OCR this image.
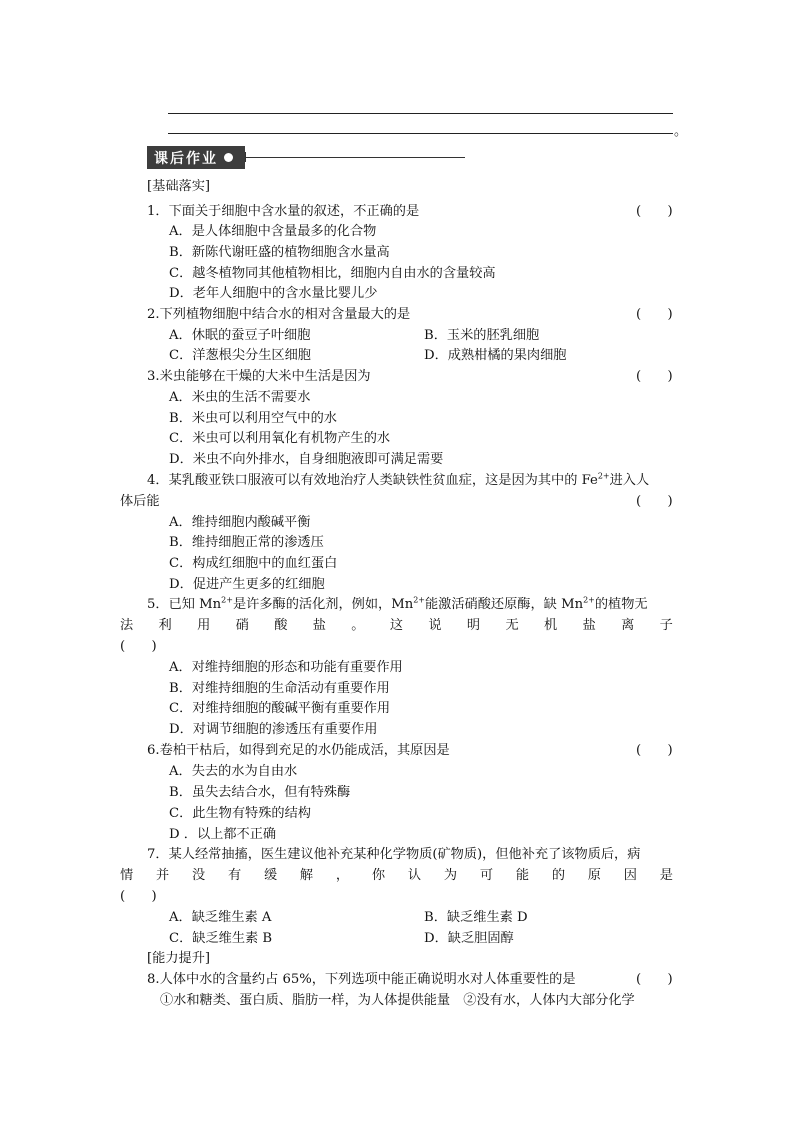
。
课后作业
[基础落实]
1．下面关于细胞中含水量的叙述，不正确的是	(　　)
A．是人体细胞中含量最多的化合物
B．新陈代谢旺盛的植物细胞含水量高
C．越冬植物同其他植物相比，细胞内自由水的含量较高
D．老年人细胞中的含水量比婴儿少
2.下列植物细胞中结合水的相对含量最大的是	(　　)
A．休眠的蚕豆子叶细胞	B．玉米的胚乳细胞
C．洋葱根尖分生区细胞	D．成熟柑橘的果肉细胞
3.米虫能够在干燥的大米中生活是因为	(　　)
A．米虫的生活不需要水
B．米虫可以利用空气中的水
C．米虫可以利用氧化有机物产生的水
D．米虫不向外排水，自身细胞液即可满足需要
4．某乳酸亚铁口服液可以有效地治疗人类缺铁性贫血症，这是因为其中的 $Fe^{2+}$进入人
体后能	(　　)
A．维持细胞内酸碱平衡
B．维持细胞正常的渗透压
C．构成红细胞中的血红蛋白
D．促进产生更多的红细胞
5．已知 $Mn^{2+}$是许多酶的活化剂，例如，$Mn^{2+}$能激活硝酸还原酶，缺 $Mn^{2+}$的植物无
法 利 用 硝 酸 盐 。 这 说 明 无 机 盐 离 子
(　　)
A．对维持细胞的形态和功能有重要作用
B．对维持细胞的生命活动有重要作用
C．对维持细胞的酸碱平衡有重要作用
D．对调节细胞的渗透压有重要作用
6.卷柏干枯后，如得到充足的水仍能成活，其原因是	(　　)
A．失去的水为自由水
B．虽失去结合水，但有特殊酶
C．此生物有特殊的结构
D ．以上都不正确
7．某人经常抽搐，医生建议他补充某种化学物质(矿物质)，但他补充了该物质后，病
情 并 没 有 缓 解 ， 你 认 为 可 能 的 原 因 是
(　　)
A．缺乏维生素 A	B．缺乏维生素 D
C．缺乏维生素 B	D．缺乏胆固醇
[能力提升]
8.人体中水的含量约占 65%，下列选项中能正确说明水对人体重要性的是	(　　)
①水和糖类、蛋白质、脂肪一样，为人体提供能量　②没有水，人体内大部分化学
